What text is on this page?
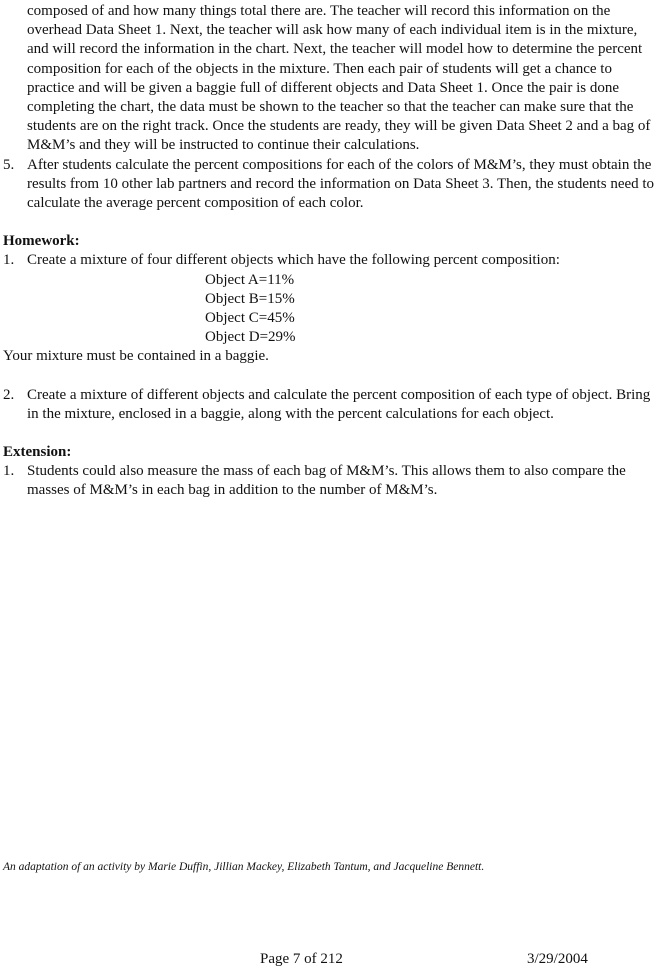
composed of and how many things total there are. The teacher will record this information on the overhead Data Sheet 1. Next, the teacher will ask how many of each individual item is in the mixture, and will record the information in the chart. Next, the teacher will model how to determine the percent composition for each of the objects in the mixture. Then each pair of students will get a chance to practice and will be given a baggie full of different objects and Data Sheet 1. Once the pair is done completing the chart, the data must be shown to the teacher so that the teacher can make sure that the students are on the right track. Once the students are ready, they will be given Data Sheet 2 and a bag of M&M’s and they will be instructed to continue their calculations.
5. After students calculate the percent compositions for each of the colors of M&M’s, they must obtain the results from 10 other lab partners and record the information on Data Sheet 3. Then, the students need to calculate the average percent composition of each color.
Homework:
1. Create a mixture of four different objects which have the following percent composition:
Object A=11%
Object B=15%
Object C=45%
Object D=29%
Your mixture must be contained in a baggie.
2. Create a mixture of different objects and calculate the percent composition of each type of object. Bring in the mixture, enclosed in a baggie, along with the percent calculations for each object.
Extension:
1. Students could also measure the mass of each bag of M&M’s. This allows them to also compare the masses of M&M’s in each bag in addition to the number of M&M’s.
An adaptation of an activity by Marie Duffin, Jillian Mackey, Elizabeth Tantum, and Jacqueline Bennett.
Page 7 of 212	3/29/2004
